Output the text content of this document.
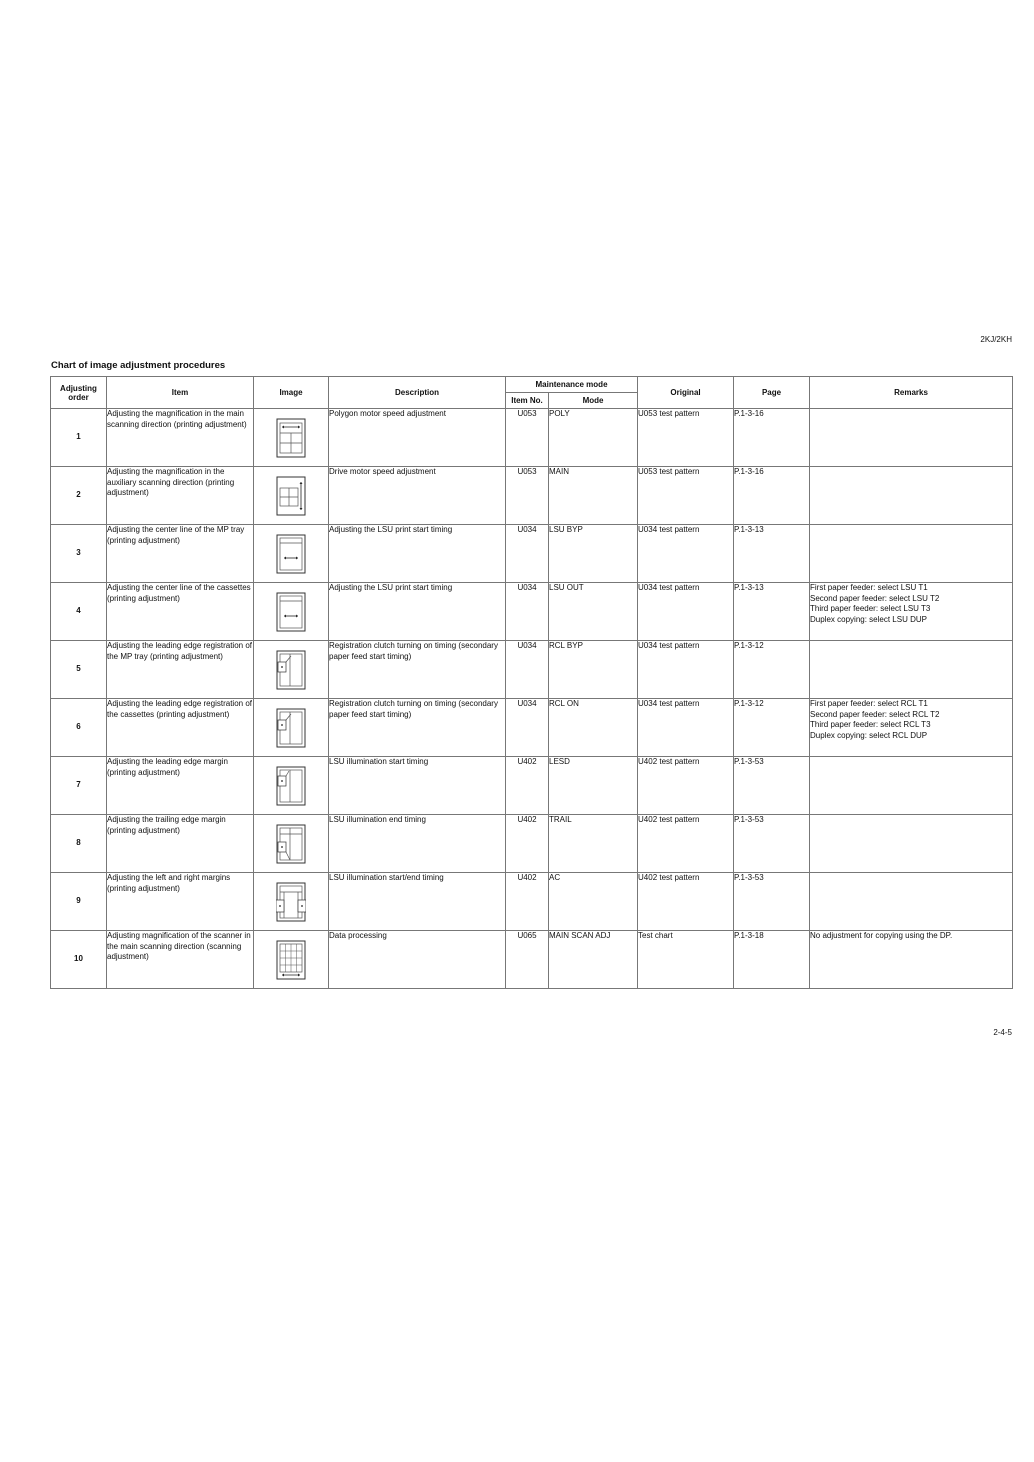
2KJ/2KH
Chart of image adjustment procedures
Adjusting order	Item	Image	Description	Maintenance mode		Original	Page	Remarks
				Item No.	Mode			
1	Adjusting the magnification in the main scanning direction (printing adjustment)		Polygon motor speed adjustment	U053	POLY	U053 test pattern	P.1-3-16	
2	Adjusting the magnification in the auxiliary scanning direction (printing adjustment)		Drive motor speed adjustment	U053	MAIN	U053 test pattern	P.1-3-16	
3	Adjusting the center line of the MP tray (printing adjustment)		Adjusting the LSU print start timing	U034	LSU BYP	U034 test pattern	P.1-3-13	
4	Adjusting the center line of the cassettes (printing adjustment)		Adjusting the LSU print start timing	U034	LSU OUT	U034 test pattern	P.1-3-13	First paper feeder: select LSU T1
Second paper feeder: select LSU T2
Third paper feeder: select LSU T3
Duplex copying: select LSU DUP

5	Adjusting the leading edge registration of the MP tray (printing adjustment)		Registration clutch turning on timing (secondary paper feed start timing)	U034	RCL BYP	U034 test pattern	P.1-3-12	
6	Adjusting the leading edge registration of the cassettes (printing adjustment)		Registration clutch turning on timing (secondary paper feed start timing)	U034	RCL ON	U034 test pattern	P.1-3-12	First paper feeder: select RCL T1
Second paper feeder: select RCL T2
Third paper feeder: select RCL T3
Duplex copying: select RCL DUP

7	Adjusting the leading edge margin (printing adjustment)		LSU illumination start timing	U402	LESD	U402 test pattern	P.1-3-53	
8	Adjusting the trailing edge margin (printing adjustment)		LSU illumination end timing	U402	TRAIL	U402 test pattern	P.1-3-53	
9	Adjusting the left and right margins (printing adjustment)		LSU illumination start/end timing	U402	AC	U402 test pattern	P.1-3-53	
10	Adjusting magnification of the scanner in the main scanning direction (scanning adjustment)		Data processing	U065	MAIN SCAN ADJ	Test chart	P.1-3-18	No adjustment for copying using the DP.
2-4-5
